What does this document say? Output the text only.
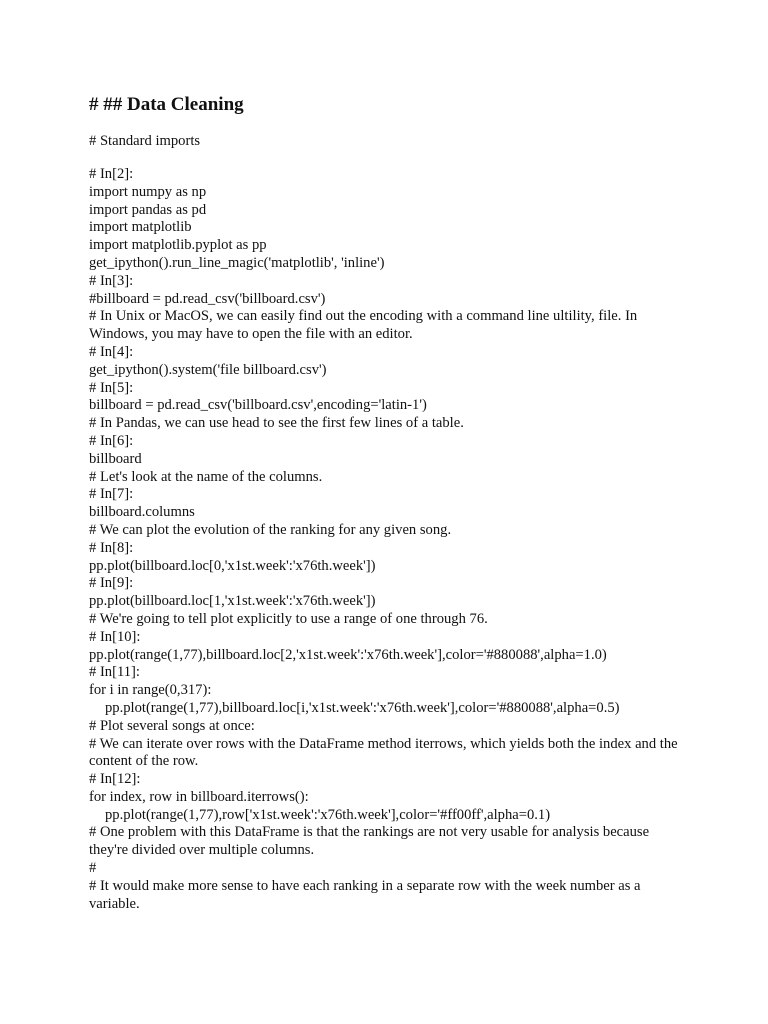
# ## Data Cleaning
# Standard imports
# In[2]:
import numpy as np
import pandas as pd
import matplotlib
import matplotlib.pyplot as pp
get_ipython().run_line_magic('matplotlib', 'inline')
# In[3]:
#billboard = pd.read_csv('billboard.csv')
# In Unix or MacOS, we can easily find out the encoding with a command line ultility, file. In Windows, you may have to open the file with an editor.
# In[4]:
get_ipython().system('file billboard.csv')
# In[5]:
billboard = pd.read_csv('billboard.csv',encoding='latin-1')
# In Pandas, we can use head to see the first few lines of a table.
# In[6]:
billboard
# Let's look at the name of the columns.
# In[7]:
billboard.columns
# We can plot the evolution of the ranking for any given song.
# In[8]:
pp.plot(billboard.loc[0,'x1st.week':'x76th.week'])
# In[9]:
pp.plot(billboard.loc[1,'x1st.week':'x76th.week'])
# We're going to tell plot explicitly to use a range of one through 76.
# In[10]:
pp.plot(range(1,77),billboard.loc[2,'x1st.week':'x76th.week'],color='#880088',alpha=1.0)
# In[11]:
for i in range(0,317):
pp.plot(range(1,77),billboard.loc[i,'x1st.week':'x76th.week'],color='#880088',alpha=0.5)
# Plot several songs at once:
# We can iterate over rows with the DataFrame method iterrows, which yields both the index and the content of the row.
# In[12]:
for index, row in billboard.iterrows():
pp.plot(range(1,77),row['x1st.week':'x76th.week'],color='#ff00ff',alpha=0.1)
# One problem with this DataFrame is that the rankings are not very usable for analysis because they're divided over multiple columns.
#
# It would make more sense to have each ranking in a separate row with the week number as a variable.
